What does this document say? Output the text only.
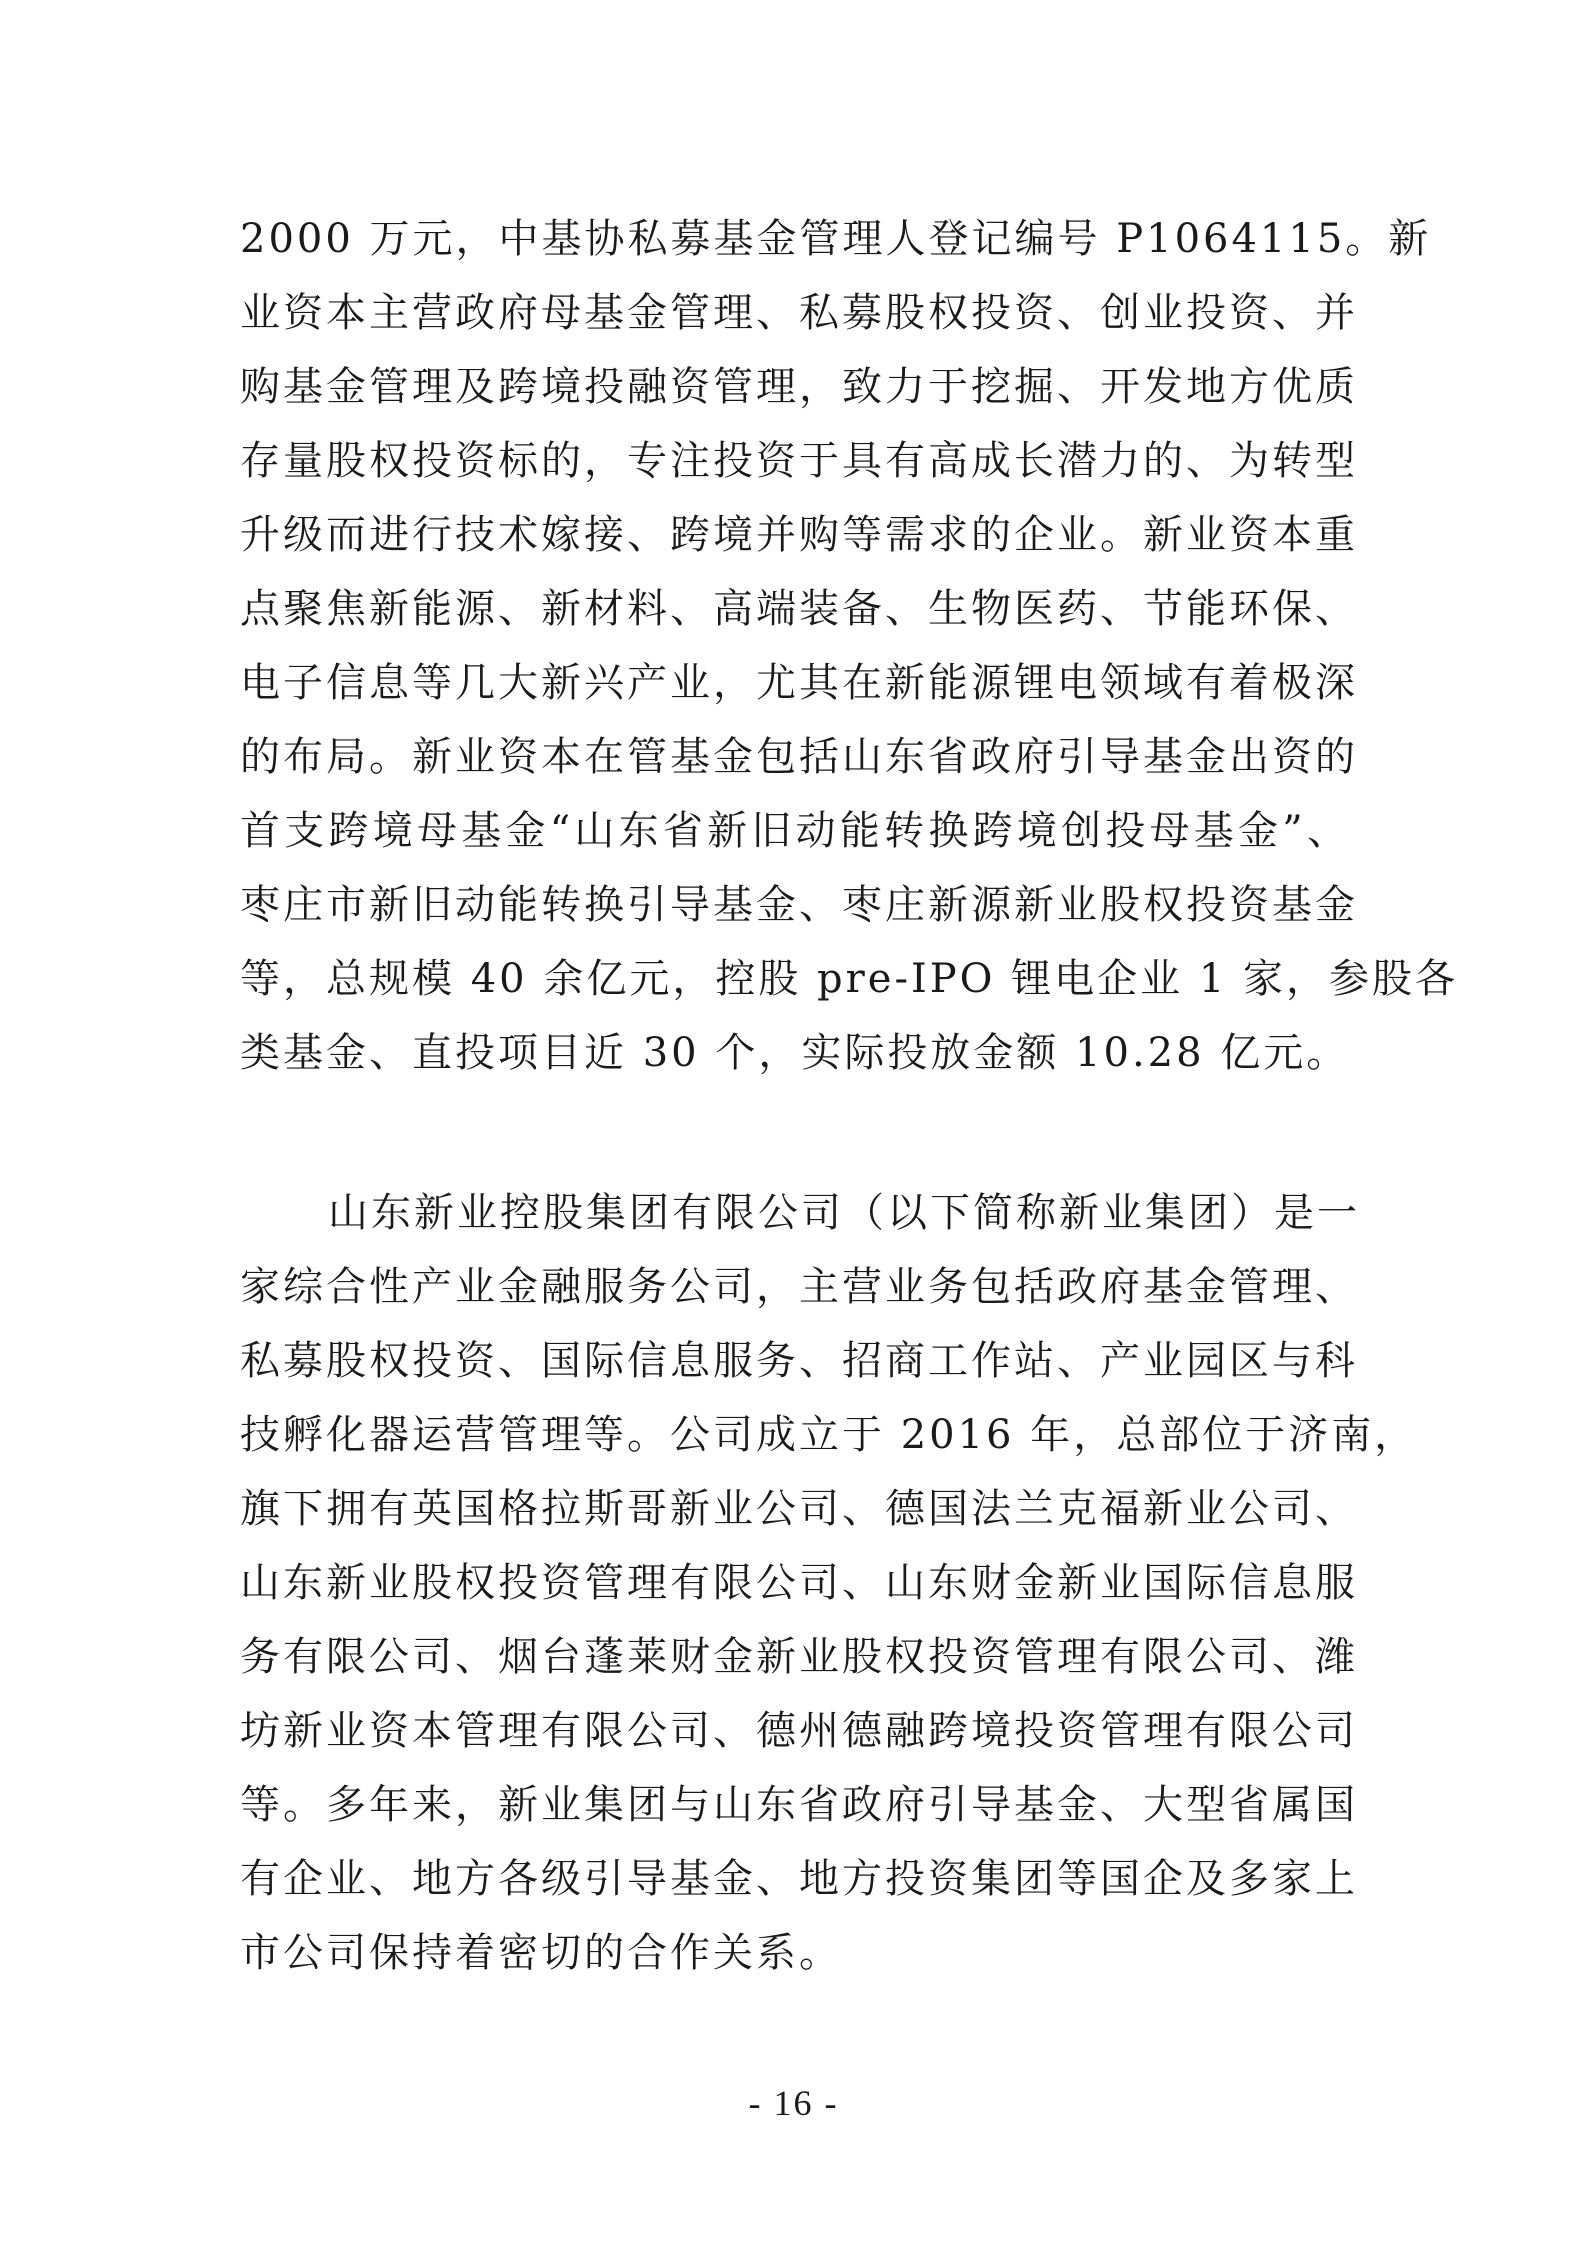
2000 万元，中基协私募基金管理人登记编号 P1064115。新
业资本主营政府母基金管理、私募股权投资、创业投资、并
购基金管理及跨境投融资管理，致力于挖掘、开发地方优质
存量股权投资标的，专注投资于具有高成长潜力的、为转型
升级而进行技术嫁接、跨境并购等需求的企业。新业资本重
点聚焦新能源、新材料、高端装备、生物医药、节能环保、
电子信息等几大新兴产业，尤其在新能源锂电领域有着极深
的布局。新业资本在管基金包括山东省政府引导基金出资的
首支跨境母基金“山东省新旧动能转换跨境创投母基金”、
枣庄市新旧动能转换引导基金、枣庄新源新业股权投资基金
等，总规模 40 余亿元，控股 pre-IPO 锂电企业 1 家，参股各
类基金、直投项目近 30 个，实际投放金额 10.28 亿元。
山东新业控股集团有限公司（以下简称新业集团）是一
家综合性产业金融服务公司，主营业务包括政府基金管理、
私募股权投资、国际信息服务、招商工作站、产业园区与科
技孵化器运营管理等。公司成立于 2016 年，总部位于济南，
旗下拥有英国格拉斯哥新业公司、德国法兰克福新业公司、
山东新业股权投资管理有限公司、山东财金新业国际信息服
务有限公司、烟台蓬莱财金新业股权投资管理有限公司、潍
坊新业资本管理有限公司、德州德融跨境投资管理有限公司
等。多年来，新业集团与山东省政府引导基金、大型省属国
有企业、地方各级引导基金、地方投资集团等国企及多家上
市公司保持着密切的合作关系。
- 16 -
